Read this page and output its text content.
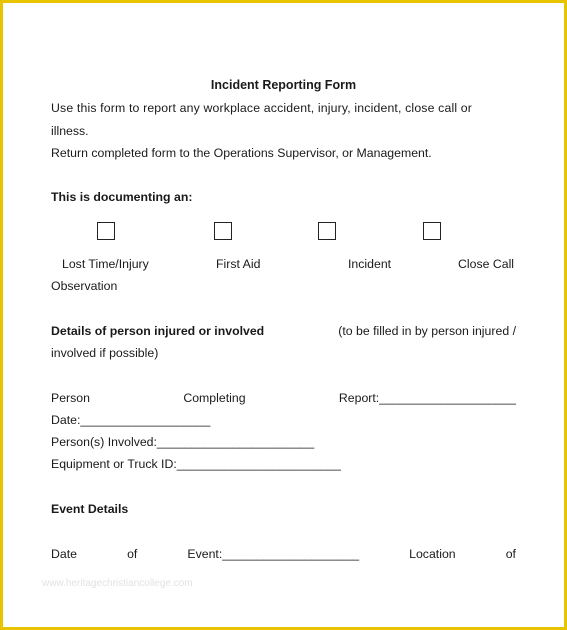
Incident Reporting Form
Use this form to report any workplace accident, injury, incident, close call or
illness.
Return completed form to the Operations Supervisor, or Management.
This is documenting an:
Lost Time/Injury	First Aid	Incident	Close Call
Observation
Details of person injured or involved	(to be filled in by person injured /
involved if possible)
Person	Completing	Report:____________________
Date:___________________
Person(s) Involved:_______________________
Equipment or Truck ID:________________________
Event Details
Date	of	Event:____________________	Location	of
www.heritagechristiancollege.com
